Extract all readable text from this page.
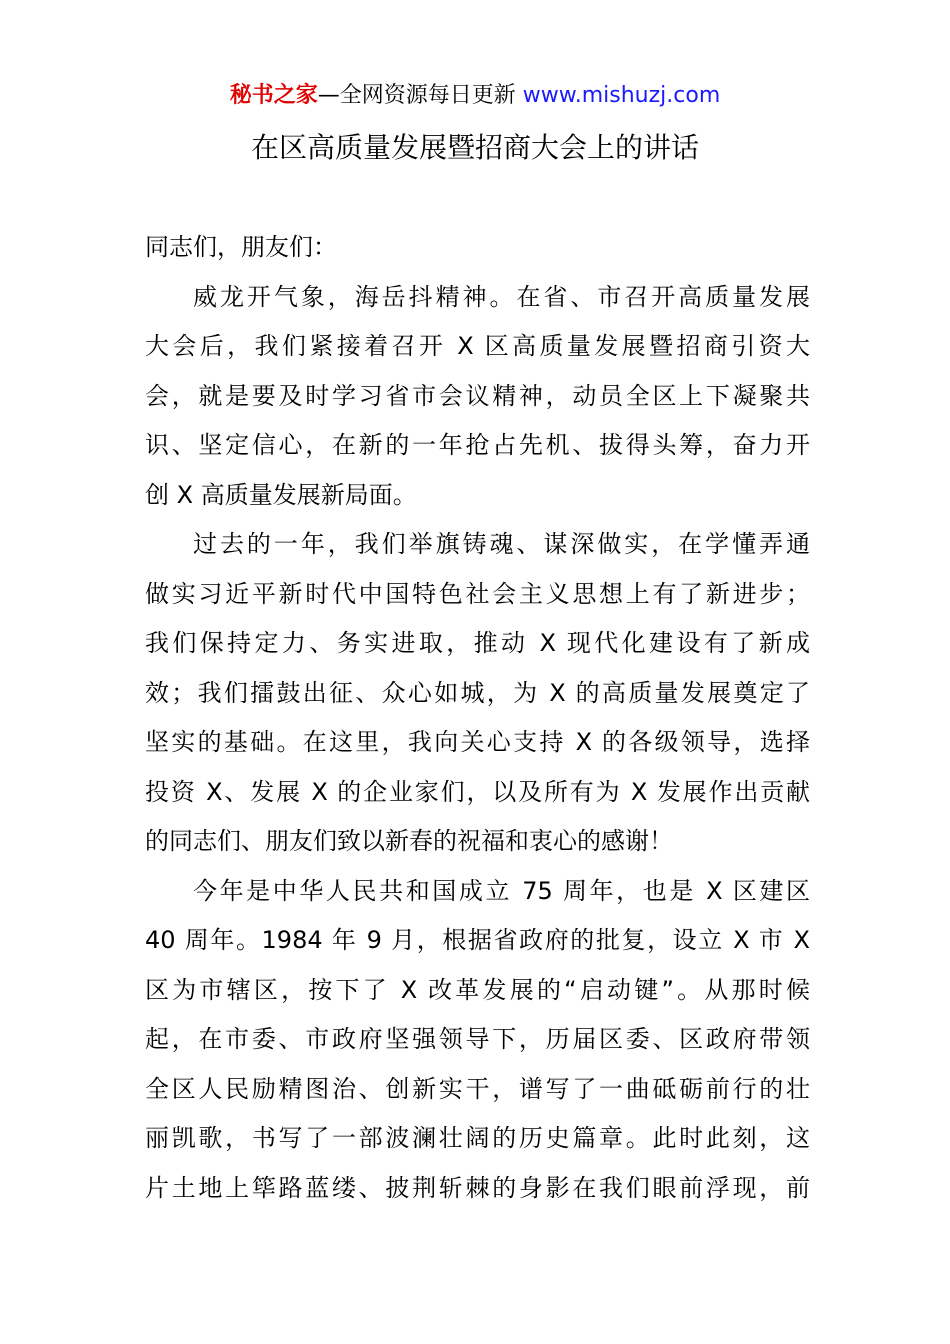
秘书之家—全网资源每日更新 www.mishuzj.com
在区高质量发展暨招商大会上的讲话
同志们，朋友们：
威龙开气象，海岳抖精神。在省、市召开高质量发展
大会后，我们紧接着召开 X 区高质量发展暨招商引资大
会，就是要及时学习省市会议精神，动员全区上下凝聚共
识、坚定信心，在新的一年抢占先机、拔得头筹，奋力开
创 X 高质量发展新局面。
过去的一年，我们举旗铸魂、谋深做实，在学懂弄通
做实习近平新时代中国特色社会主义思想上有了新进步；
我们保持定力、务实进取，推动 X 现代化建设有了新成
效；我们擂鼓出征、众心如城，为 X 的高质量发展奠定了
坚实的基础。在这里，我向关心支持 X 的各级领导，选择
投资 X、发展 X 的企业家们，以及所有为 X 发展作出贡献
的同志们、朋友们致以新春的祝福和衷心的感谢！
今年是中华人民共和国成立 75 周年，也是 X 区建区
40 周年。1984 年 9 月，根据省政府的批复，设立 X 市 X
区为市辖区，按下了 X 改革发展的“启动键”。从那时候
起，在市委、市政府坚强领导下，历届区委、区政府带领
全区人民励精图治、创新实干，谱写了一曲砥砺前行的壮
丽凯歌，书写了一部波澜壮阔的历史篇章。此时此刻，这
片土地上筚路蓝缕、披荆斩棘的身影在我们眼前浮现，前
